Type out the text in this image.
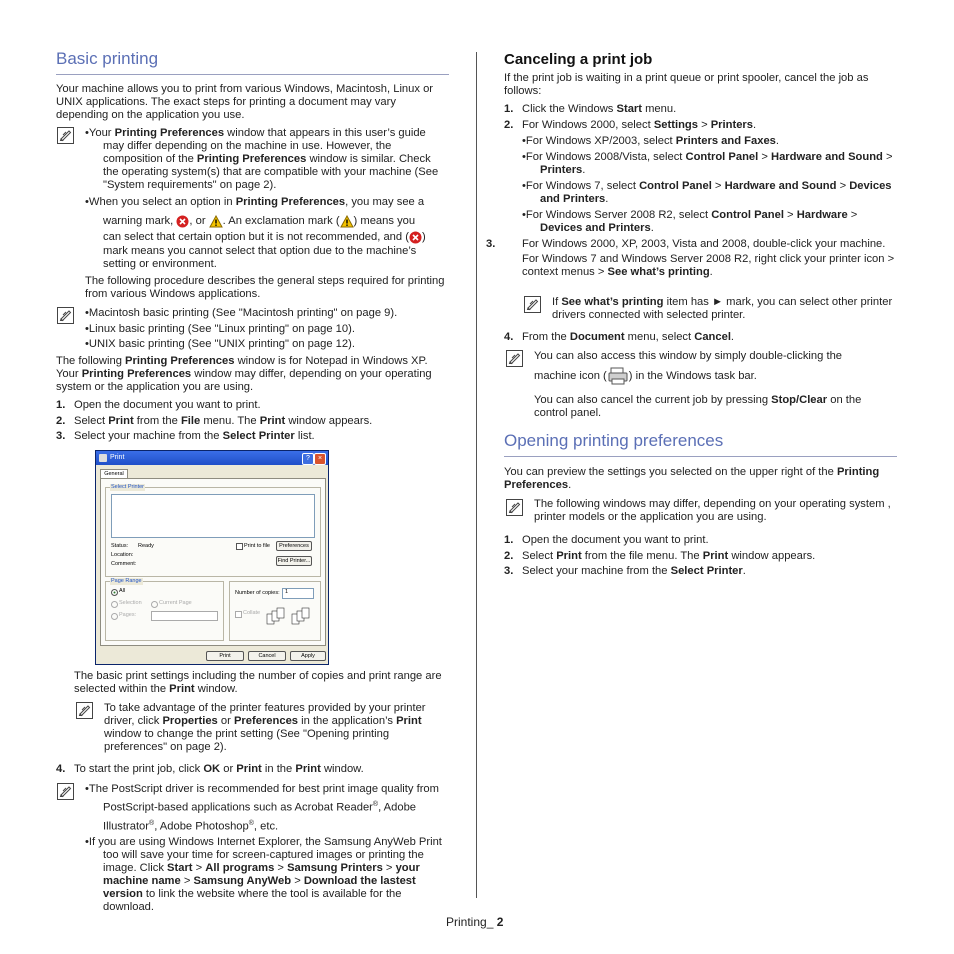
Basic printing

Your machine allows you to print from various Windows, Macintosh, Linux or UNIX applications. The exact steps for printing a document may vary depending on the application you use.

•Your Printing Preferences window that appears in this user’s guide may differ depending on the machine in use. However, the composition of the Printing Preferences window is similar. Check the operating system(s) that are compatible with your machine (See "System requirements" on page 2).

•When you select an option in Printing Preferences, you may see a

warning mark, , or . An exclamation mark ( ) means you

can select that certain option but it is not recommended, and ( )

mark means you cannot select that option due to the machine’s setting or environment.

The following procedure describes the general steps required for printing from various Windows applications.

•Macintosh basic printing (See "Macintosh printing" on page 9).

•Linux basic printing (See "Linux printing" on page 10).

•UNIX basic printing (See "UNIX printing" on page 12).

The following Printing Preferences window is for Notepad in Windows XP. Your Printing Preferences window may differ, depending on your operating system or the application you are using.

1. Open the document you want to print.

2. Select Print from the File menu. The Print window appears.

3. Select your machine from the Select Printer list.

Print	?	×
General
Select Printer
Status: Ready
Location:
Comment:
Print to file	Preferences
Find Printer...
Page Range
All
Selection	Current Page
Pages:
Number of copies: 1
Collate
Print	Cancel	Apply

The basic print settings including the number of copies and print range are selected within the Print window.

To take advantage of the printer features provided by your printer driver, click Properties or Preferences in the application’s Print window to change the print setting (See "Opening printing preferences" on page 2).

4. To start the print job, click OK or Print in the Print window.

•The PostScript driver is recommended for best print image quality from PostScript-based applications such as Acrobat Reader®, Adobe Illustrator®, Adobe Photoshop®, etc.

•If you are using Windows Internet Explorer, the Samsung AnyWeb Print too will save your time for screen-captured images or printing the image. Click Start > All programs > Samsung Printers > your machine name > Samsung AnyWeb > Download the lastest version to link the website where the tool is available for the download.

Canceling a print job

If the print job is waiting in a print queue or print spooler, cancel the job as follows:

1. Click the Windows Start menu.

2. For Windows 2000, select Settings > Printers.

•For Windows XP/2003, select Printers and Faxes.

•For Windows 2008/Vista, select Control Panel > Hardware and Sound > Printers.

•For Windows 7, select Control Panel > Hardware and Sound > Devices and Printers.

•For Windows Server 2008 R2, select Control Panel > Hardware > Devices and Printers.

3. For Windows 2000, XP, 2003, Vista and 2008, double-click your machine.

For Windows 7 and Windows Server 2008 R2, right click your printer icon > context menus > See what’s printing.

If See what’s printing item has ► mark, you can select other printer drivers connected with selected printer.

4. From the Document menu, select Cancel.

You can also access this window by simply double-clicking the

machine icon ( ) in the Windows task bar.

You can also cancel the current job by pressing Stop/Clear on the control panel.

Opening printing preferences

You can preview the settings you selected on the upper right of the Printing Preferences.

The following windows may differ, depending on your operating system , printer models or the application you are using.

1. Open the document you want to print.

2. Select Print from the file menu. The Print window appears.

3. Select your machine from the Select Printer.

Printing_ 2
